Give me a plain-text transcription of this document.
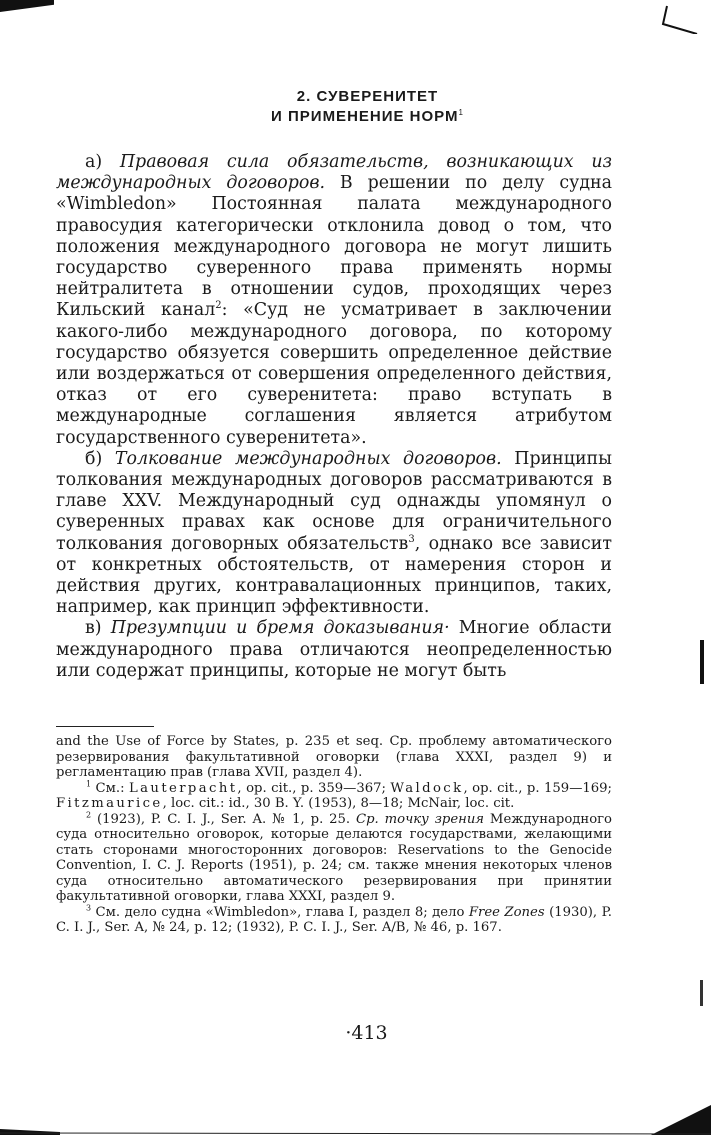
2. СУВЕРЕНИТЕТ
И ПРИМЕНЕНИЕ НОРМ$^1$

а) Правовая сила обязательств, возникающих из международных договоров. В решении по делу судна «Wimbledon» Постоянная палата международного правосудия категорически отклонила довод о том, что положения международного договора не могут лишить государство суверенного права применять нормы нейтралитета в отношении судов, проходящих через Кильский канал$^2$: «Суд не усматривает в заключении какого-либо международного договора, по которому государство обязуется совершить определенное действие или воздержаться от совершения определенного действия, отказ от его суверенитета: право вступать в международные соглашения является атрибутом государственного суверенитета».

б) Толкование международных договоров. Принципы толкования международных договоров рассматриваются в главе XXV. Международный суд однажды упомянул о суверенных правах как основе для ограничительного толкования договорных обязательств$^3$, однако все зависит от конкретных обстоятельств, от намерения сторон и действия других, контравалационных принципов, таких, например, как принцип эффективности.

в) Презумпции и бремя доказывания· Многие области международного права отличаются неопределенностью или содержат принципы, которые не могут быть

and the Use of Force by States, p. 235 et seq. Ср. проблему автоматического резервирования факультативной оговорки (глава XXXI, раздел 9) и регламентацию прав (глава XVII, раздел 4).

$^1$ См.: Lauterpacht, op. cit., p. 359—367; Waldock, op. cit., p. 159—169; Fitzmaurice, loc. cit.: id., 30 B. Y. (1953), 8—18; McNair, loc. cit.

$^2$ (1923), P. C. I. J., Ser. A. № 1, p. 25. Ср. точку зрения Международного суда относительно оговорок, которые делаются государствами, желающими стать сторонами многосторонних договоров: Reservations to the Genocide Convention, I. C. J. Reports (1951), p. 24; см. также мнения некоторых членов суда относительно автоматического резервирования при принятии факультативной оговорки, глава XXXI, раздел 9.

$^3$ См. дело судна «Wimbledon», глава I, раздел 8; дело Free Zones (1930), P. C. I. J., Ser. A, № 24, p. 12; (1932), P. C. I. J., Ser. A/B, № 46, p. 167.

·413
